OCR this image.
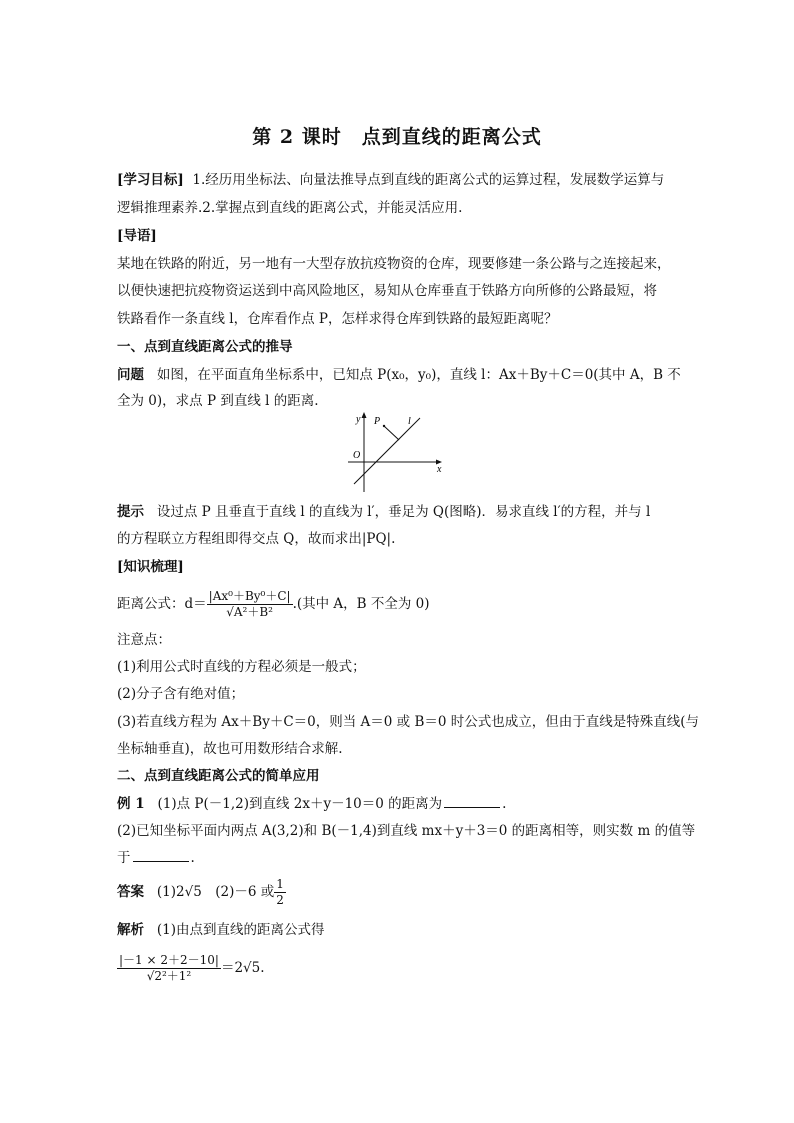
第 2 课时　点到直线的距离公式
[学习目标] 1.经历用坐标法、向量法推导点到直线的距离公式的运算过程，发展数学运算与
逻辑推理素养.2.掌握点到直线的距离公式，并能灵活应用.
[导语]
某地在铁路的附近，另一地有一大型存放抗疫物资的仓库，现要修建一条公路与之连接起来，
以便快速把抗疫物资运送到中高风险地区，易知从仓库垂直于铁路方向所修的公路最短，将
铁路看作一条直线 l，仓库看作点 P，怎样求得仓库到铁路的最短距离呢？
一、点到直线距离公式的推导
问题 如图，在平面直角坐标系中，已知点 P(x₀，y₀)，直线 l：Ax＋By＋C＝0(其中 A，B 不
全为 0)，求点 P 到直线 l 的距离.
y
x
O
P	l
提示 设过点 P 且垂直于直线 l 的直线为 l′，垂足为 Q(图略)．易求直线 l′的方程，并与 l
的方程联立方程组即得交点 Q，故而求出|PQ|.
[知识梳理]
距离公式：$d= \frac{\text{|Ax⁰＋By⁰＋C|}}{\text{√A²＋B²}}$ .(其中 A，B 不全为 0)
注意点：
(1)利用公式时直线的方程必须是一般式；
(2)分子含有绝对值；
(3)若直线方程为 Ax＋By＋C＝0，则当 A＝0 或 B＝0 时公式也成立，但由于直线是特殊直线(与
坐标轴垂直)，故也可用数形结合求解.
二、点到直线距离公式的简单应用
例 1 (1)点 P(－1,2)到直线 2x＋y－10＝0 的距离为	.
(2)已知坐标平面内两点 A(3,2)和 B(－1,4)到直线 mx＋y＋3＝0 的距离相等，则实数 m 的值等
于	.
答案 (1)2√5　(2)－6 或 $\frac{1}{2}$
解析 (1)由点到直线的距离公式得
$\frac{|-1 \times 2+2-10|}{\text{√2²＋1²}} =2√5$.
